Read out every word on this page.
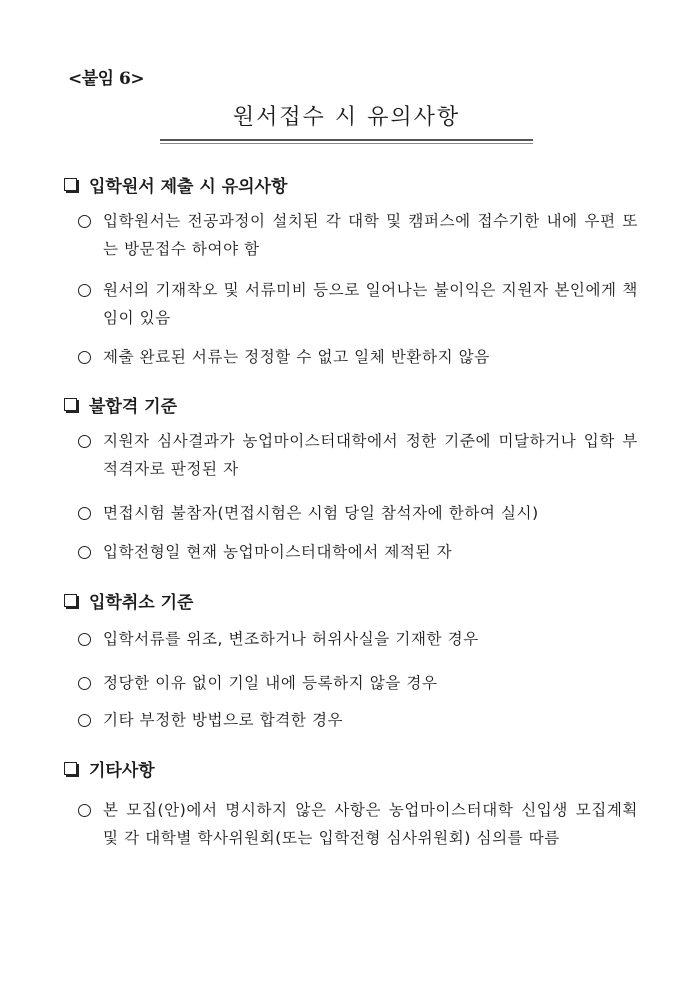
<붙임 6>
원서접수 시 유의사항
입학원서 제출 시 유의사항
입학원서는 전공과정이 설치된 각 대학 및 캠퍼스에 접수기한 내에 우편 또는 방문접수 하여야 함
원서의 기재착오 및 서류미비 등으로 일어나는 불이익은 지원자 본인에게 책임이 있음
제출 완료된 서류는 정정할 수 없고 일체 반환하지 않음
불합격 기준
지원자 심사결과가 농업마이스터대학에서 정한 기준에 미달하거나 입학 부적격자로 판정된 자
면접시험 불참자(면접시험은 시험 당일 참석자에 한하여 실시)
입학전형일 현재 농업마이스터대학에서 제적된 자
입학취소 기준
입학서류를 위조, 변조하거나 허위사실을 기재한 경우
정당한 이유 없이 기일 내에 등록하지 않을 경우
기타 부정한 방법으로 합격한 경우
기타사항
본 모집(안)에서 명시하지 않은 사항은 농업마이스터대학 신입생 모집계획 및 각 대학별 학사위원회(또는 입학전형 심사위원회) 심의를 따름
